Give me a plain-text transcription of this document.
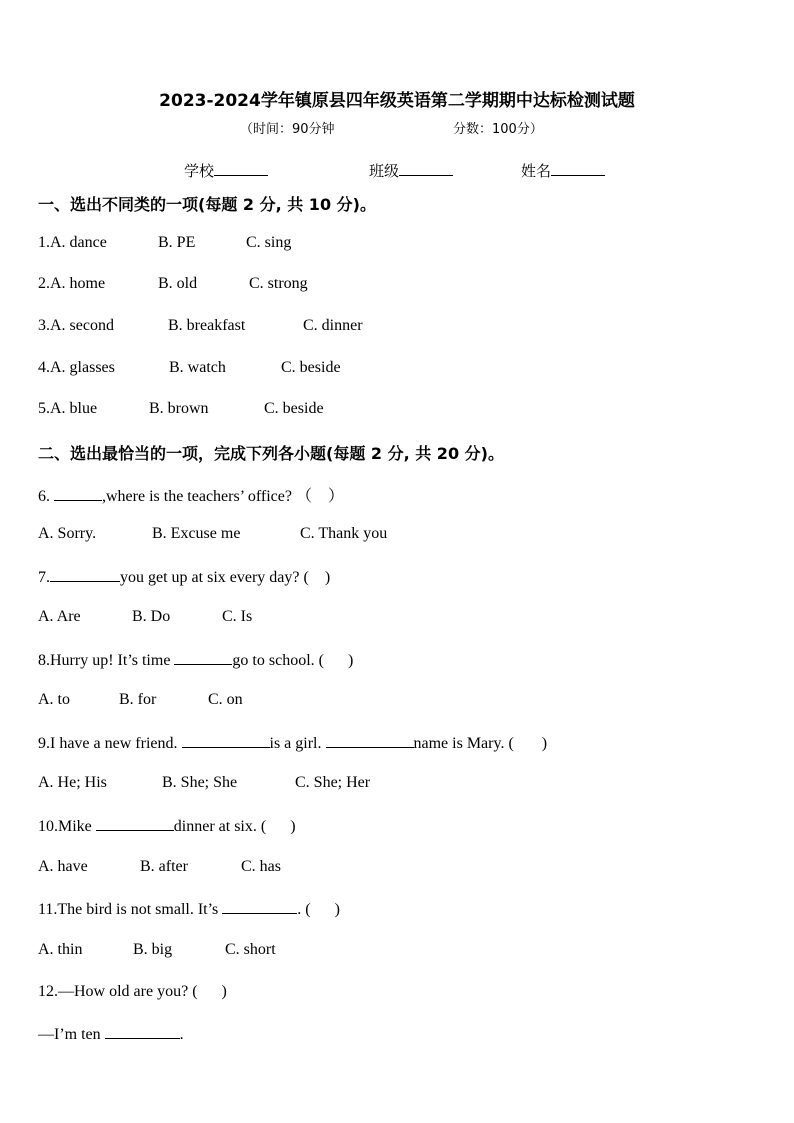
2023-2024学年镇原县四年级英语第二学期期中达标检测试题
（时间：90分钟	分数：100分）
学校	班级	姓名
一、选出不同类的一项(每题 2 分, 共 10 分)。
1.A. dance	B. PE	C. sing
2.A. home	B. old	C. strong
3.A. second	B. breakfast	C. dinner
4.A. glasses	B. watch	C. beside
5.A. blue	B. brown	C. beside
二、选出最恰当的一项，完成下列各小题(每题 2 分, 共 20 分)。
6.	,where is the teachers’ office? （　）
A. Sorry.	B. Excuse me	C. Thank you
7.	you get up at six every day? ( )
A. Are	B. Do	C. Is
8.Hurry up! It’s time	go to school. ( )
A. to	B. for	C. on
9.I have a new friend.	is a girl.	name is Mary. ( )
A. He; His	B. She; She	C. She; Her
10.Mike	dinner at six. ( )
A. have	B. after	C. has
11.The bird is not small. It’s	. ( )
A. thin	B. big	C. short
12.—How old are you? ( )
—I’m ten	.
